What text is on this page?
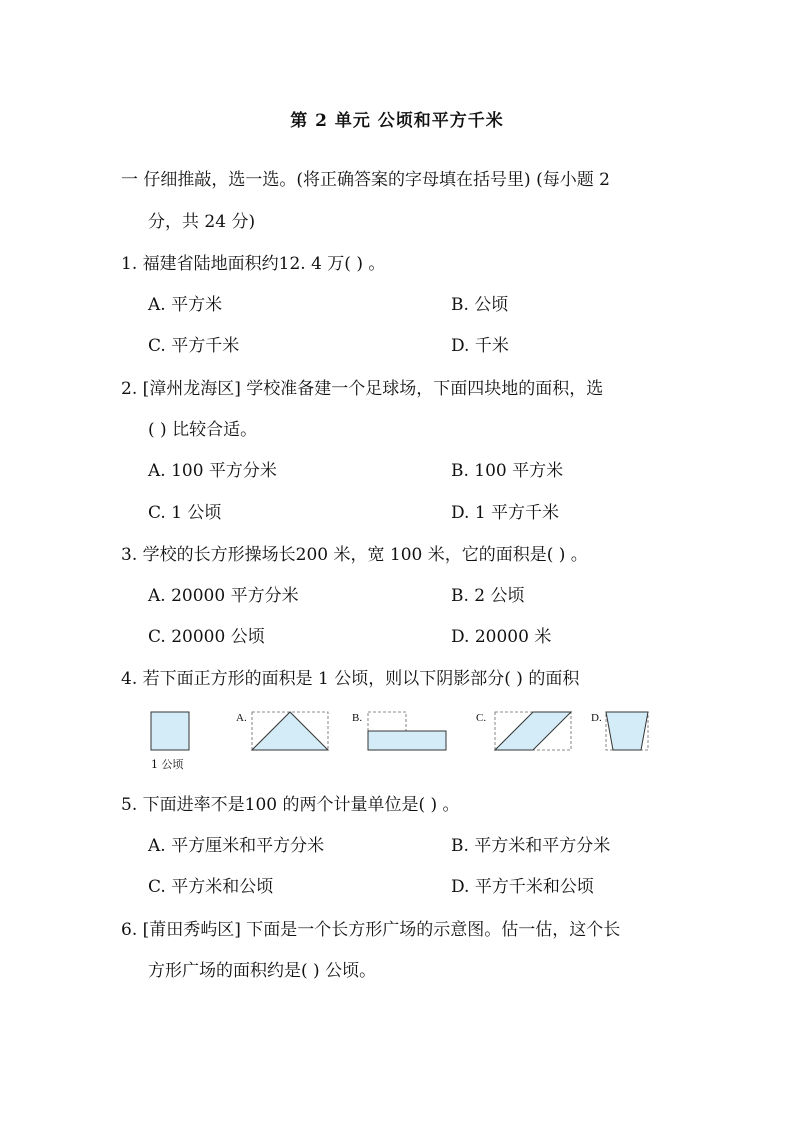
第 2 单元 公顷和平方千米
一 仔细推敲，选一选。(将正确答案的字母填在括号里) (每小题 2
分，共 24 分)
1. 福建省陆地面积约12. 4 万( ) 。
A. 平方米	B. 公顷
C. 平方千米	D. 千米
2. [漳州龙海区] 学校准备建一个足球场，下面四块地的面积，选
( ) 比较合适。
A. 100 平方分米	B. 100 平方米
C. 1 公顷	D. 1 平方千米
3. 学校的长方形操场长200 米，宽 100 米，它的面积是( ) 。
A. 20000 平方分米	B. 2 公顷
C. 20000 公顷	D. 20000 米
4. 若下面正方形的面积是 1 公顷，则以下阴影部分( ) 的面积
1 公顷
A.	B.	C.	D.
5. 下面进率不是100 的两个计量单位是( ) 。
A. 平方厘米和平方分米	B. 平方米和平方分米
C. 平方米和公顷	D. 平方千米和公顷
6. [莆田秀屿区] 下面是一个长方形广场的示意图。估一估，这个长
方形广场的面积约是( ) 公顷。
